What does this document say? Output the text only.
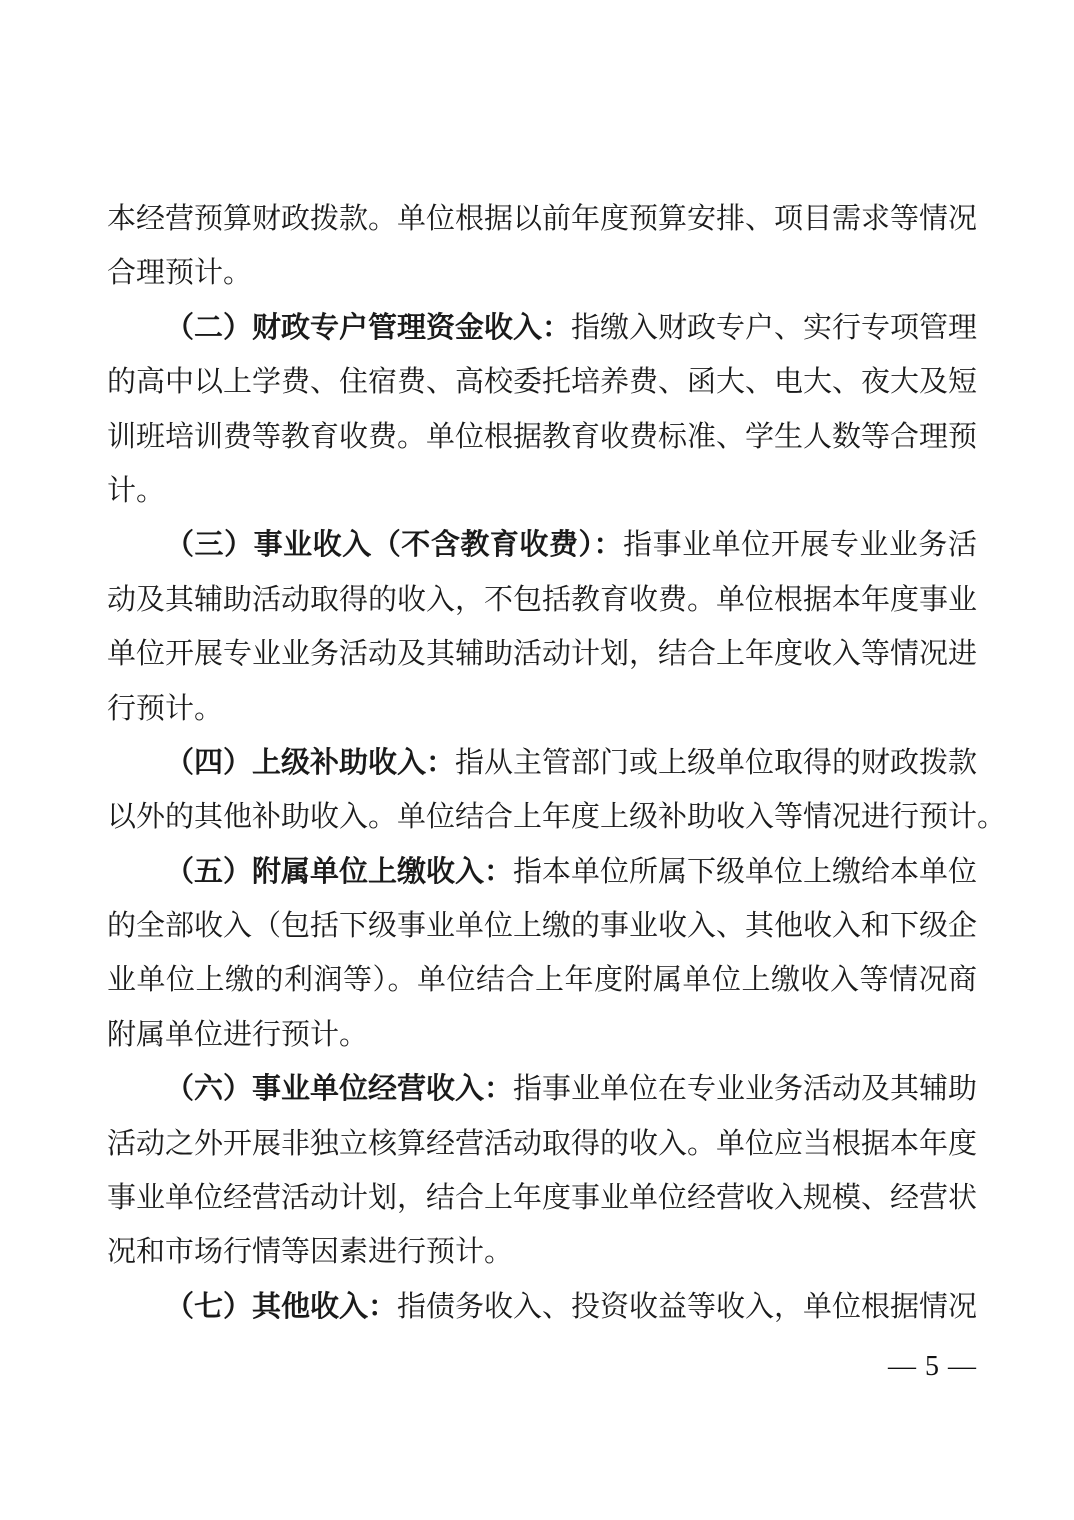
本经营预算财政拨款。单位根据以前年度预算安排、项目需求等情况
合理预计。
（二）财政专户管理资金收入：指缴入财政专户、实行专项管理
的高中以上学费、住宿费、高校委托培养费、函大、电大、夜大及短
训班培训费等教育收费。单位根据教育收费标准、学生人数等合理预
计。
（三）事业收入（不含教育收费）：指事业单位开展专业业务活
动及其辅助活动取得的收入，不包括教育收费。单位根据本年度事业
单位开展专业业务活动及其辅助活动计划，结合上年度收入等情况进
行预计。
（四）上级补助收入：指从主管部门或上级单位取得的财政拨款
以外的其他补助收入。单位结合上年度上级补助收入等情况进行预计。
（五）附属单位上缴收入：指本单位所属下级单位上缴给本单位
的全部收入（包括下级事业单位上缴的事业收入、其他收入和下级企
业单位上缴的利润等）。单位结合上年度附属单位上缴收入等情况商
附属单位进行预计。
（六）事业单位经营收入：指事业单位在专业业务活动及其辅助
活动之外开展非独立核算经营活动取得的收入。单位应当根据本年度
事业单位经营活动计划，结合上年度事业单位经营收入规模、经营状
况和市场行情等因素进行预计。
（七）其他收入：指债务收入、投资收益等收入，单位根据情况
— 5 —
